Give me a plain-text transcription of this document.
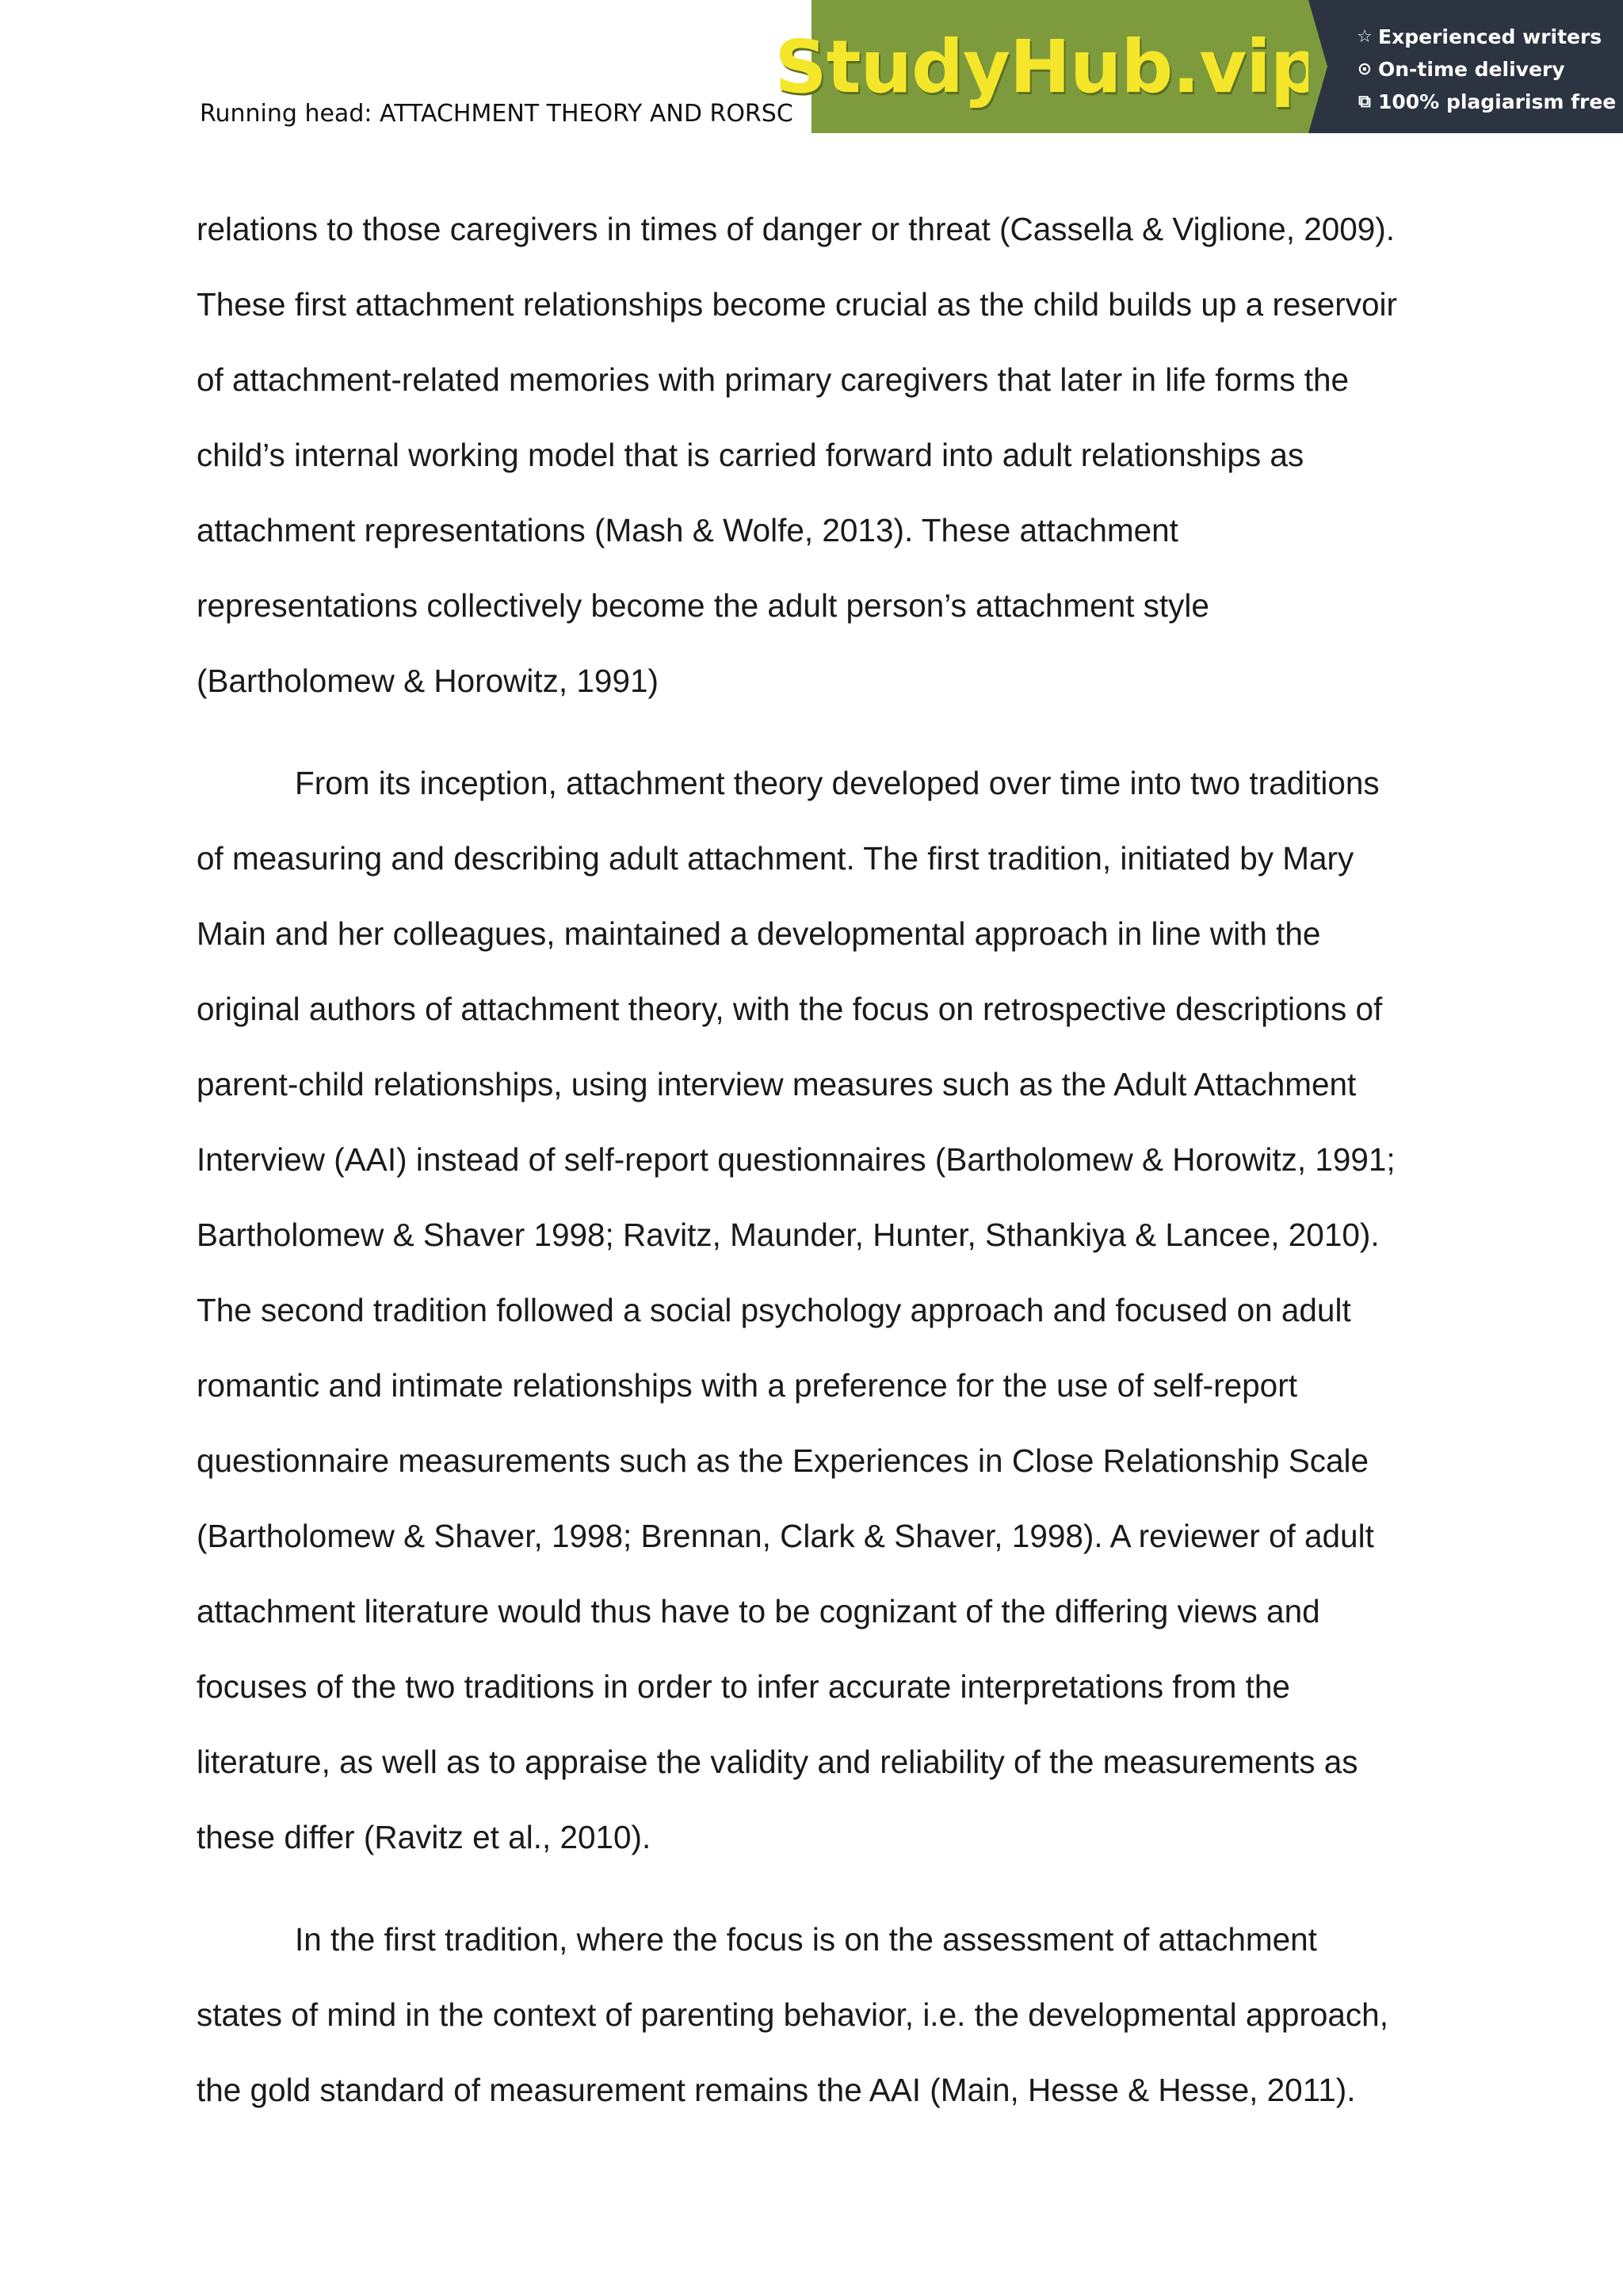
Running head: ATTACHMENT THEORY AND RORSC
StudyHub.vip ☆ Experienced writers
⊙ On-time delivery
⧉ 100% plagiarism free
relations to those caregivers in times of danger or threat (Cassella & Viglione, 2009).
These first attachment relationships become crucial as the child builds up a reservoir
of attachment-related memories with primary caregivers that later in life forms the
child’s internal working model that is carried forward into adult relationships as
attachment representations (Mash & Wolfe, 2013). These attachment
representations collectively become the adult person’s attachment style
(Bartholomew & Horowitz, 1991)
From its inception, attachment theory developed over time into two traditions
of measuring and describing adult attachment. The first tradition, initiated by Mary
Main and her colleagues, maintained a developmental approach in line with the
original authors of attachment theory, with the focus on retrospective descriptions of
parent-child relationships, using interview measures such as the Adult Attachment
Interview (AAI) instead of self-report questionnaires (Bartholomew & Horowitz, 1991;
Bartholomew & Shaver 1998; Ravitz, Maunder, Hunter, Sthankiya & Lancee, 2010).
The second tradition followed a social psychology approach and focused on adult
romantic and intimate relationships with a preference for the use of self-report
questionnaire measurements such as the Experiences in Close Relationship Scale
(Bartholomew & Shaver, 1998; Brennan, Clark & Shaver, 1998). A reviewer of adult
attachment literature would thus have to be cognizant of the differing views and
focuses of the two traditions in order to infer accurate interpretations from the
literature, as well as to appraise the validity and reliability of the measurements as
these differ (Ravitz et al., 2010).
In the first tradition, where the focus is on the assessment of attachment
states of mind in the context of parenting behavior, i.e. the developmental approach,
the gold standard of measurement remains the AAI (Main, Hesse & Hesse, 2011).
